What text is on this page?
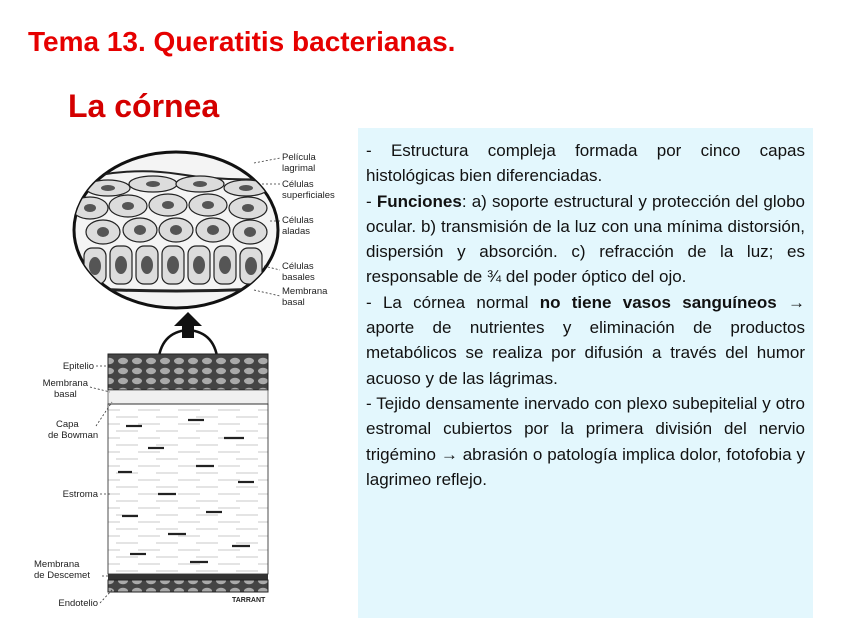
Tema 13. Queratitis bacterianas.
La córnea
Película
lagrimal
Células
superficiales
Células
aladas
Células
basales
Membrana
basal
TARRANT
Epitelio
Membrana
basal
Capa
de Bowman
Estroma
Membrana
de Descemet
Endotelio

- Estructura compleja formada por cinco capas histológicas bien diferenciadas.

- Funciones: a) soporte estructural y protección del globo ocular. b) transmisión de la luz con una mínima distorsión, dispersión y absorción. c) refracción de la luz; es responsable de ¾ del poder óptico del ojo.

- La córnea normal no tiene vasos sanguíneos → aporte de nutrientes y eliminación de productos metabólicos se realiza por difusión a través del humor acuoso y de las lágrimas.

- Tejido densamente inervado con plexo subepitelial y otro estromal cubiertos por la primera división del nervio trigémino → abrasión o patología implica dolor, fotofobia y lagrimeo reflejo.
